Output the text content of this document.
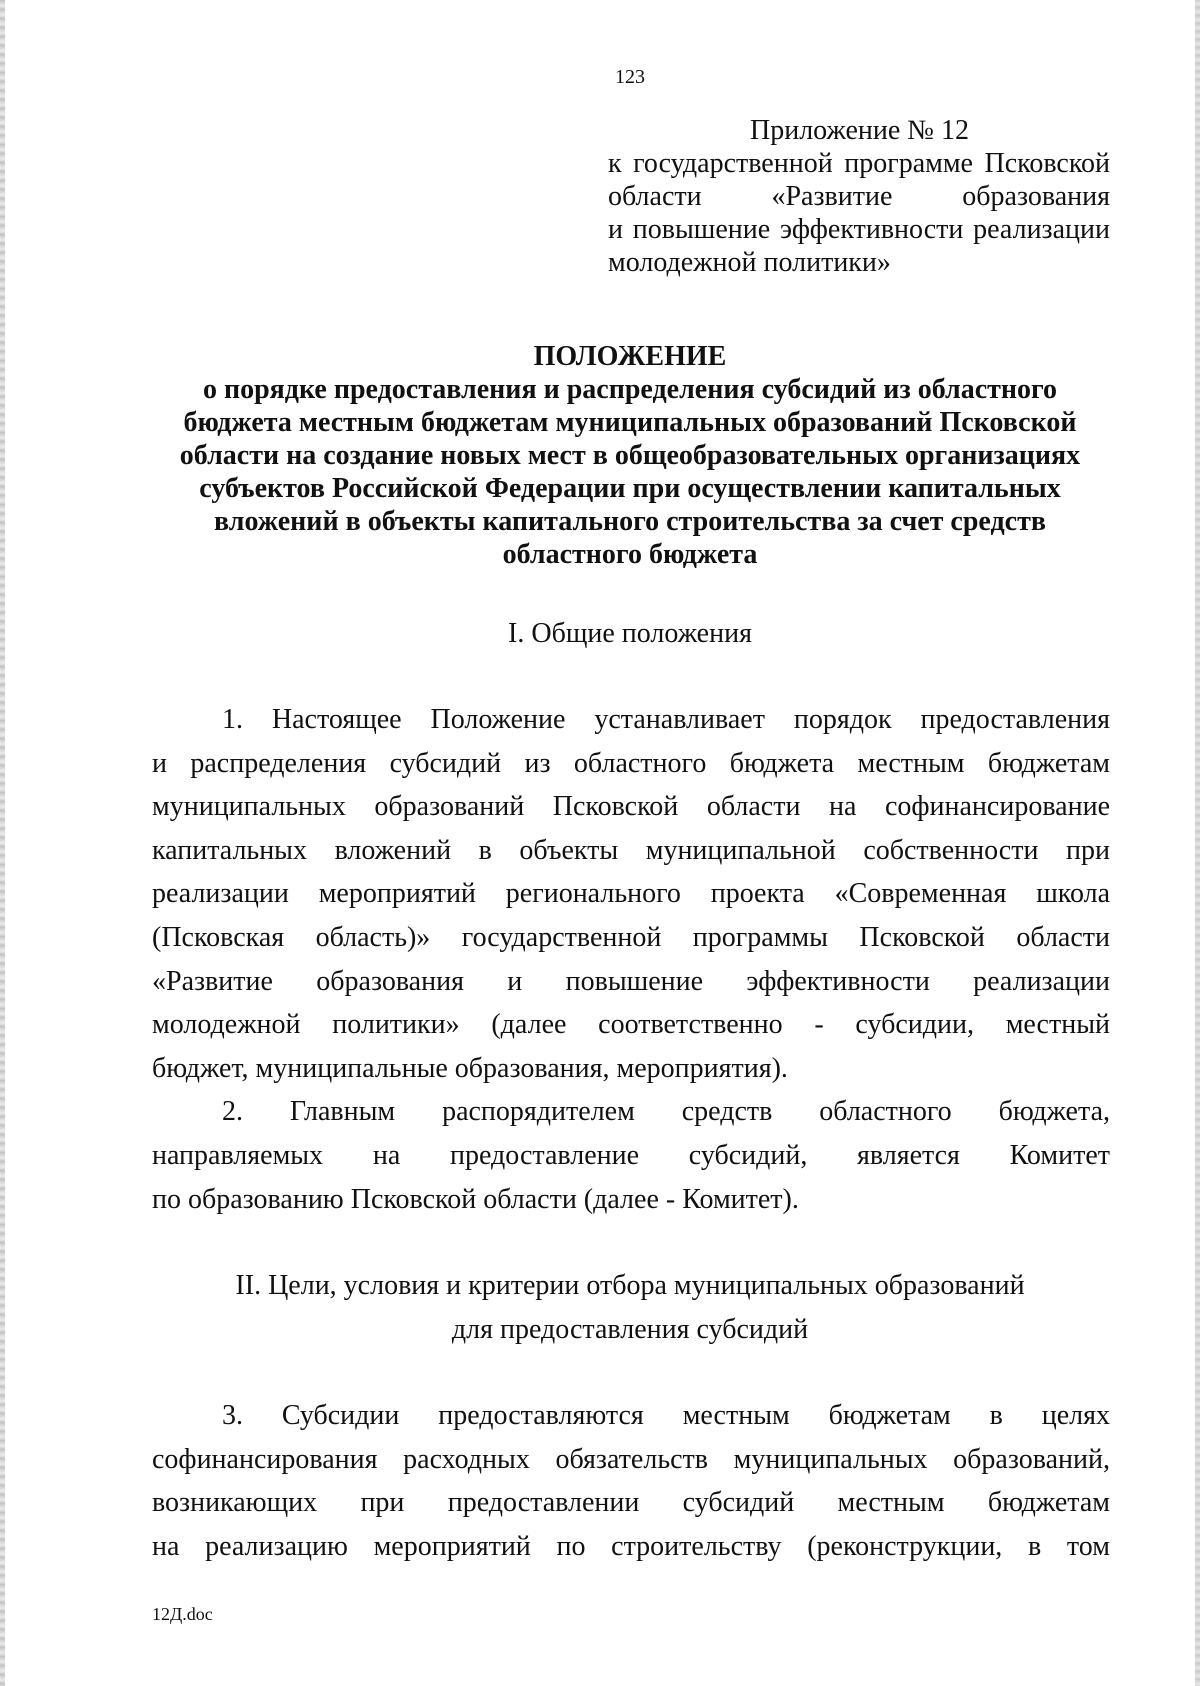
123
Приложение № 12
к государственной программе Псковской
области «Развитие образования
и повышение эффективности реализации
молодежной политики»
ПОЛОЖЕНИЕ
о порядке предоставления и распределения субсидий из областного
бюджета местным бюджетам муниципальных образований Псковской
области на создание новых мест в общеобразовательных организациях
субъектов Российской Федерации при осуществлении капитальных
вложений в объекты капитального строительства за счет средств
областного бюджета
I. Общие положения
1. Настоящее Положение устанавливает порядок предоставления
и распределения субсидий из областного бюджета местным бюджетам
муниципальных образований Псковской области на софинансирование
капитальных вложений в объекты муниципальной собственности при
реализации мероприятий регионального проекта «Современная школа
(Псковская область)» государственной программы Псковской области
«Развитие образования и повышение эффективности реализации
молодежной политики» (далее соответственно - субсидии, местный
бюджет, муниципальные образования, мероприятия).
2. Главным распорядителем средств областного бюджета,
направляемых на предоставление субсидий, является Комитет
по образованию Псковской области (далее - Комитет).
II. Цели, условия и критерии отбора муниципальных образований
для предоставления субсидий
3. Субсидии предоставляются местным бюджетам в целях
софинансирования расходных обязательств муниципальных образований,
возникающих при предоставлении субсидий местным бюджетам
на реализацию мероприятий по строительству (реконструкции, в том
12Д.doc
